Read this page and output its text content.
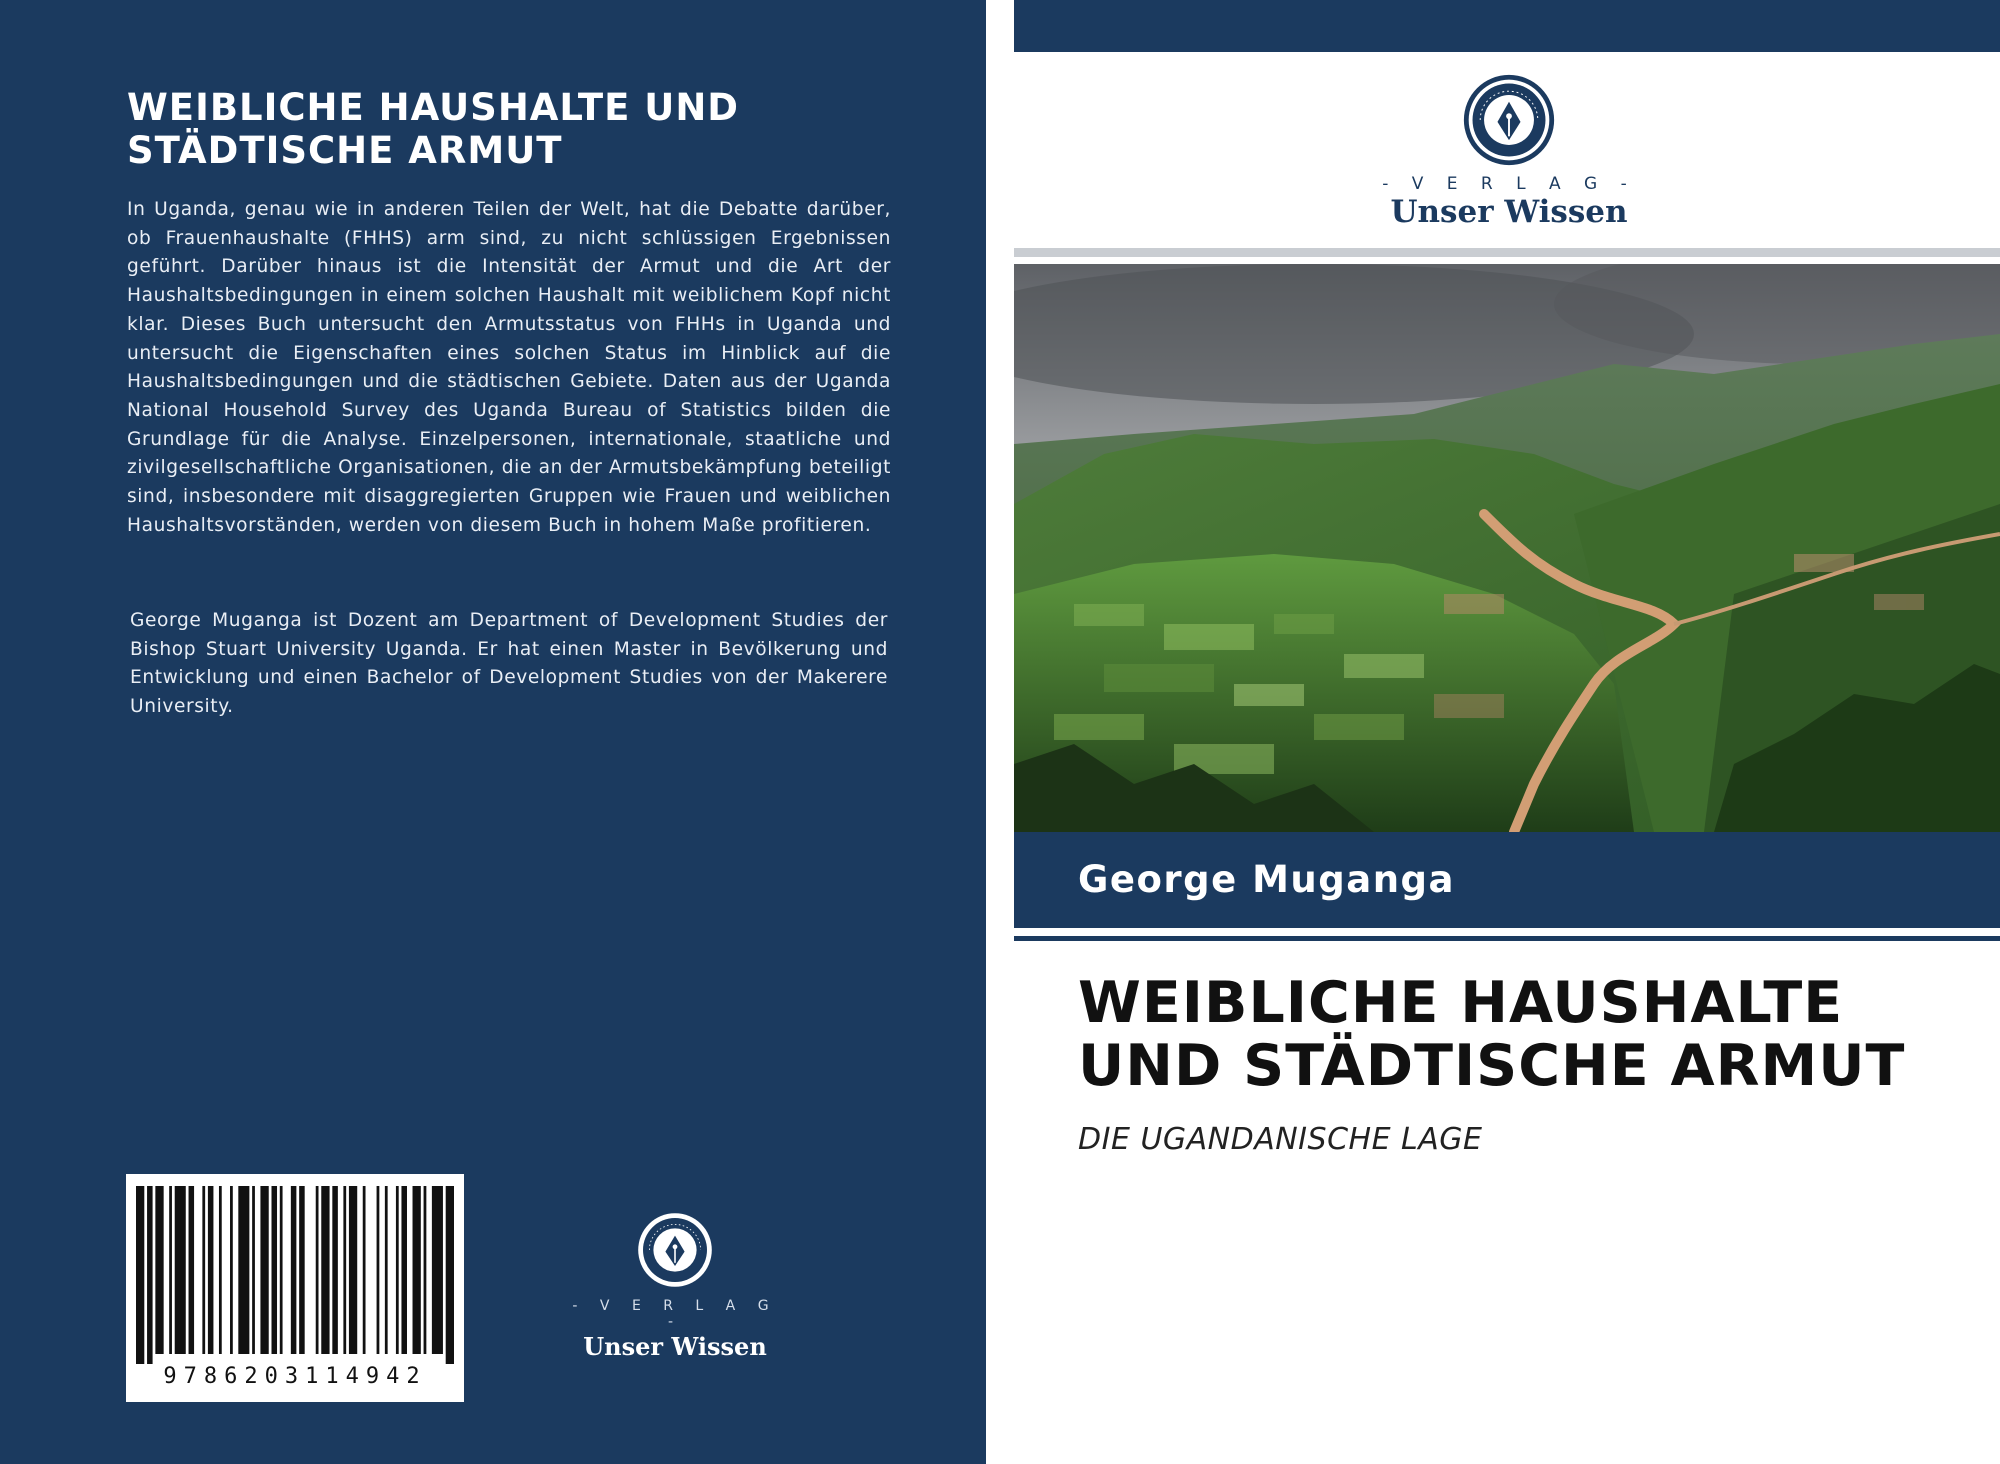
WEIBLICHE HAUSHALTE UND STÄDTISCHE ARMUT

In Uganda, genau wie in anderen Teilen der Welt, hat die Debatte darüber, ob Frauenhaushalte (FHHS) arm sind, zu nicht schlüssigen Ergebnissen geführt. Darüber hinaus ist die Intensität der Armut und die Art der Haushaltsbedingungen in einem solchen Haushalt mit weiblichem Kopf nicht klar. Dieses Buch untersucht den Armutsstatus von FHHs in Uganda und untersucht die Eigenschaften eines solchen Status im Hinblick auf die Haushaltsbedingungen und die städtischen Gebiete. Daten aus der Uganda National Household Survey des Uganda Bureau of Statistics bilden die Grundlage für die Analyse. Einzelpersonen, internationale, staatliche und zivilgesellschaftliche Organisationen, die an der Armutsbekämpfung beteiligt sind, insbesondere mit disaggregierten Gruppen wie Frauen und weiblichen Haushaltsvorständen, werden von diesem Buch in hohem Maße profitieren.

George Muganga ist Dozent am Department of Development Studies der Bishop Stuart University Uganda. Er hat einen Master in Bevölkerung und Entwicklung und einen Bachelor of Development Studies von der Makerere University.

9786203114942
- V E R L A G -
Unser Wissen
- V E R L A G -
Unser Wissen
George Muganga
WEIBLICHE HAUSHALTE UND STÄDTISCHE ARMUT
DIE UGANDANISCHE LAGE
